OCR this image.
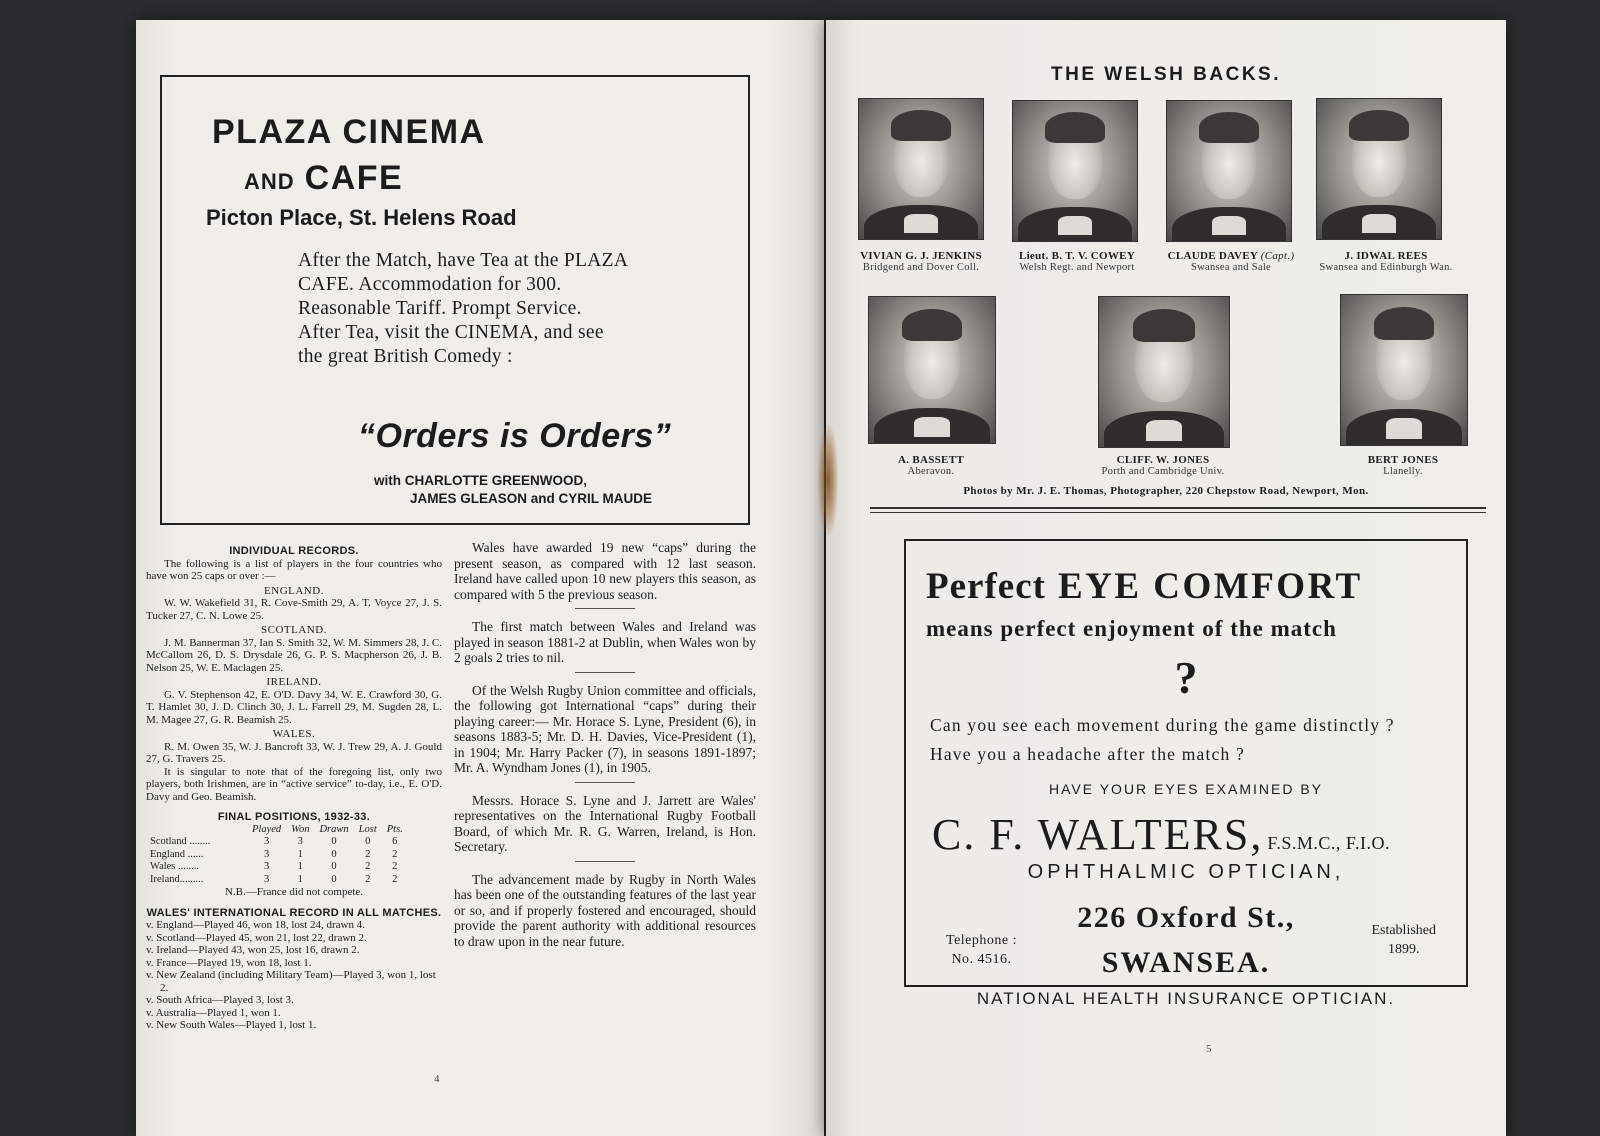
PLAZA CINEMA
AND CAFE
Picton Place, St. Helens Road

After the Match, have Tea at the PLAZA CAFE. Accommodation for 300. Reasonable Tariff. Prompt Service.

After Tea, visit the CINEMA, and see the great British Comedy :

“Orders is Orders”
with CHARLOTTE GREENWOOD,
JAMES GLEASON and CYRIL MAUDE
INDIVIDUAL RECORDS.
The following is a list of players in the four countries who have won 25 caps or over :—
ENGLAND.
W. W. Wakefield 31, R. Cove-Smith 29, A. T. Voyce 27, J. S. Tucker 27, C. N. Lowe 25.
SCOTLAND.
J. M. Bannerman 37, Ian S. Smith 32, W. M. Simmers 28, J. C. McCallom 26, D. S. Drysdale 26, G. P. S. Macpherson 26, J. B. Nelson 25, W. E. Maclagen 25.
IRELAND.
G. V. Stephenson 42, E. O'D. Davy 34, W. E. Crawford 30, G. T. Hamlet 30, J. D. Clinch 30, J. L. Farrell 29, M. Sugden 28, L. M. Magee 27, G. R. Beamish 25.
WALES.
R. M. Owen 35, W. J. Bancroft 33, W. J. Trew 29, A. J. Gould 27, G. Travers 25.
It is singular to note that of the foregoing list, only two players, both Irishmen, are in “active service” to-day, i.e., E. O'D. Davy and Geo. Beamish.
FINAL POSITIONS, 1932-33.
	Played	Won	Drawn	Lost	Pts.
Scotland ........	3	3	0	0	6
England ......	3	1	0	2	2
Wales ........	3	1	0	2	2
Ireland.........	3	1	0	2	2
N.B.—France did not compete.
WALES' INTERNATIONAL RECORD IN ALL MATCHES.
v. England—Played 46, won 18, lost 24, drawn 4.
v. Scotland—Played 45, won 21, lost 22, drawn 2.
v. Ireland—Played 43, won 25, lost 16, drawn 2.
v. France—Played 19, won 18, lost 1.
v. New Zealand (including Military Team)—Played 3, won 1, lost 2.
v. South Africa—Played 3, lost 3.
v. Australia—Played 1, won 1.
v. New South Wales—Played 1, lost 1.
Wales have awarded 19 new “caps” during the present season, as compared with 12 last season. Ireland have called upon 10 new players this season, as compared with 5 the previous season.
The first match between Wales and Ireland was played in season 1881-2 at Dublin, when Wales won by 2 goals 2 tries to nil.
Of the Welsh Rugby Union committee and officials, the following got International “caps” during their playing career:— Mr. Horace S. Lyne, President (6), in seasons 1883-5; Mr. D. H. Davies, Vice-President (1), in 1904; Mr. Harry Packer (7), in seasons 1891-1897; Mr. A. Wyndham Jones (1), in 1905.
Messrs. Horace S. Lyne and J. Jarrett are Wales' representatives on the International Rugby Football Board, of which Mr. R. G. Warren, Ireland, is Hon. Secretary.
The advancement made by Rugby in North Wales has been one of the outstanding features of the last year or so, and if properly fostered and encouraged, should provide the parent authority with additional resources to draw upon in the near future.
4
THE WELSH BACKS.
VIVIAN G. J. JENKINS
Bridgend and Dover Coll.
Lieut. B. T. V. COWEY
Welsh Regt. and Newport
CLAUDE DAVEY (Capt.)
Swansea and Sale
J. IDWAL REES
Swansea and Edinburgh Wan.
A. BASSETT
Aberavon.
CLIFF. W. JONES
Porth and Cambridge Univ.
BERT JONES
Llanelly.
Photos by Mr. J. E. Thomas, Photographer, 220 Chepstow Road, Newport, Mon.
Perfect EYE COMFORT
means perfect enjoyment of the match
?
Can you see each movement during the game distinctly ?
Have you a headache after the match ?
HAVE YOUR EYES EXAMINED BY
C. F. WALTERS, F.S.M.C., F.I.O.
OPHTHALMIC OPTICIAN,
226 Oxford St.,
Telephone :
No. 4516.	SWANSEA.
Established
1899.
NATIONAL HEALTH INSURANCE OPTICIAN.
5
